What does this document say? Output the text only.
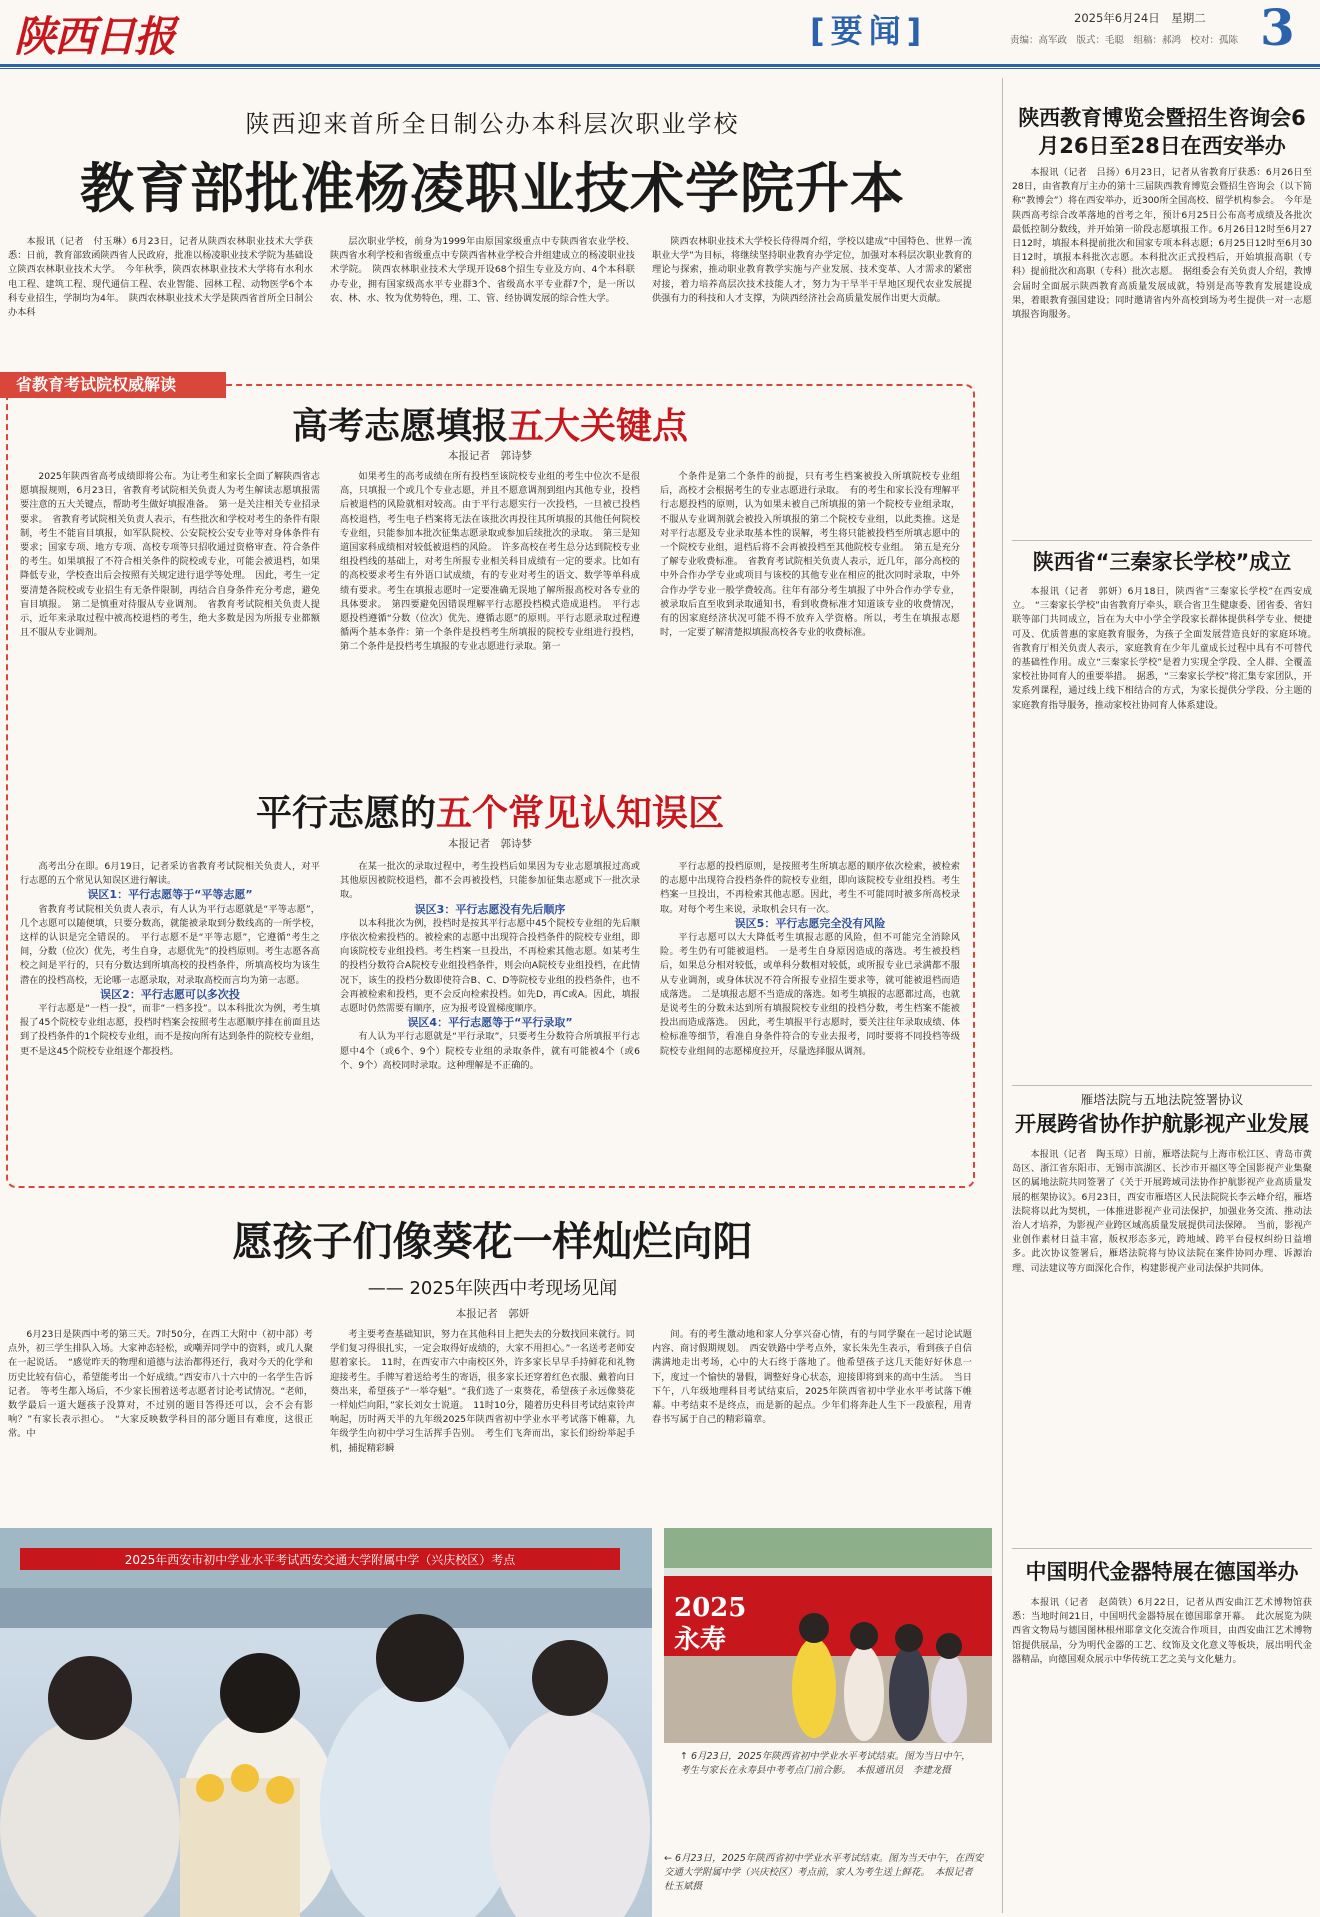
陕西日报	[要闻]	2025年6月24日　星期二
责编：高军政　版式：毛聪　组稿：郝鸿　校对：孤陈 3
陕西迎来首所全日制公办本科层次职业学校
教育部批准杨凌职业技术学院升本

本报讯（记者　付玉琳）6月23日，记者从陕西农林职业技术大学获悉：日前，教育部致函陕西省人民政府，批准以杨凌职业技术学院为基础设立陕西农林职业技术大学。　今年秋季，陕西农林职业技术大学将有水利水电工程、建筑工程、现代通信工程、农业智能、园林工程、动物医学6个本科专业招生，学制均为4年。　陕西农林职业技术大学是陕西省首所全日制公办本科

层次职业学校，前身为1999年由原国家级重点中专陕西省农业学校、陕西省水利学校和省级重点中专陕西省林业学校合并组建成立的杨凌职业技术学院。　陕西农林职业技术大学现开设68个招生专业及方向、4个本科联办专业，拥有国家级高水平专业群3个、省级高水平专业群7个，是一所以农、林、水、牧为优势特色，理、工、管、经协调发展的综合性大学。

陕西农林职业技术大学校长侍得周介绍，学校以建成“中国特色、世界一流职业大学”为目标，将继续坚持职业教育办学定位，加强对本科层次职业教育的理论与探索，推动职业教育教学实施与产业发展、技术变革、人才需求的紧密对接，着力培养高层次技术技能人才，努力为干旱半干旱地区现代农业发展提供强有力的科技和人才支撑，为陕西经济社会高质量发展作出更大贡献。

省教育考试院权威解读
高考志愿填报五大关键点
本报记者　郭诗梦

2025年陕西省高考成绩即将公布。为让考生和家长全面了解陕西省志愿填报规则，6月23日，省教育考试院相关负责人为考生解读志愿填报需要注意的五大关键点，帮助考生做好填报准备。　第一是关注相关专业招录要求。　省教育考试院相关负责人表示，有些批次和学校对考生的条件有限制，考生不能盲目填报，如军队院校、公安院校公安专业等对身体条件有要求；国家专项、地方专项、高校专项等只招收通过资格审查、符合条件的考生。如果填报了不符合相关条件的院校或专业，可能会被退档，如果降低专业，学校查出后会按照有关规定进行退学等处理。　因此，考生一定要清楚各院校或专业招生有无条件限制，再结合自身条件充分考虑，避免盲目填报。　第二是慎重对待服从专业调剂。　省教育考试院相关负责人提示，近年来录取过程中被高校退档的考生，绝大多数是因为所报专业都额且不服从专业调剂。

如果考生的高考成绩在所有投档至该院校专业组的考生中位次不是很高，只填报一个或几个专业志愿，并且不愿意调剂到组内其他专业，投档后被退档的风险就相对较高。由于平行志愿实行一次投档，一旦被已投档高校退档，考生电子档案将无法在该批次再投往其所填报的其他任何院校专业组，只能参加本批次征集志愿录取或参加后续批次的录取。　第三是知道国家科成绩相对较低被退档的风险。　许多高校在考生总分达到院校专业组投档线的基础上，对考生所报专业相关科目成绩有一定的要求。比如有的高校要求考生有外语口试成绩，有的专业对考生的语文、数学等单科成绩有要求。考生在填报志愿时一定要准确无误地了解所报高校对各专业的具体要求。　第四要避免因错误理解平行志愿投档模式造成退档。　平行志愿投档遵循“分数（位次）优先、遵循志愿”的原则。平行志愿录取过程遵循两个基本条件：第一个条件是投档考生所填报的院校专业组进行投档，第二个条件是投档考生填报的专业志愿进行录取。第一

个条件是第二个条件的前提，只有考生档案被投入所填院校专业组后，高校才会根据考生的专业志愿进行录取。　有的考生和家长没有理解平行志愿投档的原则，认为如果未被自己所填报的第一个院校专业组录取，不服从专业调剂就会被投入所填报的第二个院校专业组，以此类推。这是对平行志愿及专业录取基本性的误解，考生将只能被投档至所填志愿中的一个院校专业组，退档后将不会再被投档至其他院校专业组。　第五是充分了解专业收费标准。　省教育考试院相关负责人表示，近几年，部分高校的中外合作办学专业或项目与该校的其他专业在相应的批次同时录取，中外合作办学专业一般学费较高。往年有部分考生填报了中外合作办学专业，被录取后直至收到录取通知书，看到收费标准才知道该专业的收费情况，有的因家庭经济状况可能不得不放弃入学资格。所以，考生在填报志愿时，一定要了解清楚拟填报高校各专业的收费标准。

平行志愿的五个常见认知误区
本报记者　郭诗梦

高考出分在即。6月19日，记者采访省教育考试院相关负责人，对平行志愿的五个常见认知误区进行解读。

误区1：平行志愿等于“平等志愿”

省教育考试院相关负责人表示，有人认为平行志愿就是“平等志愿”，几个志愿可以随便填，只要分数高，就能被录取到分数线高的一所学校，这样的认识是完全错误的。　平行志愿不是“平等志愿”，它遵循“考生之间，分数（位次）优先，考生自身，志愿优先”的投档原则。考生志愿各高校之间是平行的，只有分数达到所填高校的投档条件，所填高校均为该生潜在的投档高校，无论哪一志愿录取，对录取高校而言均为第一志愿。

误区2：平行志愿可以多次投

平行志愿是“一档一投”，而非“一档多投”。以本科批次为例，考生填报了45个院校专业组志愿，投档时档案会按照考生志愿顺序排在前面且达到了投档条件的1个院校专业组，而不是按向所有达到条件的院校专业组，更不是这45个院校专业组逐个都投档。

在某一批次的录取过程中，考生投档后如果因为专业志愿填报过高或其他原因被院校退档，都不会再被投档，只能参加征集志愿或下一批次录取。

误区3：平行志愿没有先后顺序

以本科批次为例，投档时是按其平行志愿中45个院校专业组的先后顺序依次检索投档的。被检索的志愿中出现符合投档条件的院校专业组，即向该院校专业组投档。考生档案一旦投出，不再检索其他志愿。如某考生的投档分数符合A院校专业组投档条件，则会向A院校专业组投档，在此情况下，该生的投档分数即使符合B、C、D等院校专业组的投档条件，也不会再被检索和投档，更不会反向检索投档。如先D，再C或A。因此，填报志愿时仍然需要有顺序，应为报考设置梯度顺序。

误区4：平行志愿等于“平行录取”

有人认为平行志愿就是“平行录取”，只要考生分数符合所填报平行志愿中4个（或6个、9个）院校专业组的录取条件，就有可能被4个（或6个、9个）高校同时录取。这种理解是不正确的。

平行志愿的投档原则，是按照考生所填志愿的顺序依次检索，被检索的志愿中出现符合投档条件的院校专业组，即向该院校专业组投档。考生档案一旦投出，不再检索其他志愿。因此，考生不可能同时被多所高校录取。对每个考生来说，录取机会只有一次。

误区5：平行志愿完全没有风险

平行志愿可以大大降低考生填报志愿的风险，但不可能完全消除风险。考生仍有可能被退档。　一是考生自身原因造成的落选。考生被投档后，如果总分相对较低，或单科分数相对较低，或所报专业已录满都不服从专业调剂，或身体状况不符合所报专业招生要求等，就可能被退档而造成落选。　二是填报志愿不当造成的落选。如考生填报的志愿都过高，也就是说考生的分数未达到所有填报院校专业组的投档分数，考生档案不能被投出而造成落选。　因此，考生填报平行志愿时，要关注往年录取成绩、体检标准等细节，看准自身条件符合的专业去报考，同时要将不同投档等级院校专业组间的志愿梯度拉开，尽量选择服从调剂。

愿孩子们像葵花一样灿烂向阳
—— 2025年陕西中考现场见闻
本报记者　郭妍

6月23日是陕西中考的第三天。7时50分，在西工大附中（初中部）考点外，初三学生排队入场。大家神态轻松，或嘲弄同学中的资料，或几人聚在一起说话。　“感觉昨天的物理和道德与法治都得还行，我对今天的化学和历史比较有信心，希望能考出一个好成绩。”西安市八十六中的一名学生告诉记者。　等考生都入场后，不少家长围着送考志愿者讨论考试情况。“老师，数学最后一道大题孩子没算对，不过别的题目答得还可以，会不会有影响？”有家长表示担心。　“大家反映数学科目的部分题目有难度，这很正常。中

考主要考查基础知识，努力在其他科目上把失去的分数找回来就行。同学们复习得很扎实，一定会取得好成绩的，大家不用担心。”一名送考老师安慰着家长。　11时，在西安市六中南校区外，许多家长早早手持鲜花和礼物迎接考生。手牌写着送给考生的寄语，很多家长还穿着红色衣服、戴着向日葵出来，希望孩子“一举夺魁”。“我们选了一束葵花，希望孩子永远像葵花一样灿烂向阳，”家长刘女士说道。　11时10分，随着历史科目考试结束铃声响起，历时两天半的九年级2025年陕西省初中学业水平考试落下帷幕，九年级学生向初中学习生活挥手告别。　考生们飞奔而出，家长们纷纷举起手机，捕捉精彩瞬

间。有的考生激动地和家人分享兴奋心情，有的与同学聚在一起讨论试题内容、商讨假期规划。　西安铁路中学考点外，家长朱先生表示，看到孩子自信满满地走出考场，心中的大石终于落地了。他希望孩子这几天能好好休息一下，度过一个愉快的暑假，调整好身心状态，迎接即将到来的高中生活。　当日下午，八年级地理科目考试结束后，2025年陕西省初中学业水平考试落下帷幕。中考结束不是终点，而是新的起点。少年们将奔赴人生下一段旅程，用青春书写属于自己的精彩篇章。

2025年西安市初中学业水平考试西安交通大学附属中学（兴庆校区）考点
2025
永寿
↑ 6月23日，2025年陕西省初中学业水平考试结束。图为当日中午，考生与家长在永寿县中考考点门前合影。　本报通讯员　李建龙摄
← 6月23日，2025年陕西省初中学业水平考试结束。图为当天中午，在西安交通大学附属中学（兴庆校区）考点前，家人为考生送上鲜花。　本报记者　杜玉斌摄
陕西教育博览会暨招生咨询会6月26日至28日在西安举办

本报讯（记者　吕扬）6月23日，记者从省教育厅获悉：6月26日至28日，由省教育厅主办的第十三届陕西教育博览会暨招生咨询会（以下简称“教博会”）将在西安举办，近300所全国高校、留学机构参会。　今年是陕西高考综合改革落地的首考之年，预计6月25日公布高考成绩及各批次最低控制分数线，并开始第一阶段志愿填报工作。6月26日12时至6月27日12时，填报本科提前批次和国家专项本科志愿；6月25日12时至6月30日12时，填报本科批次志愿。本科批次正式投档后，开始填报高职（专科）提前批次和高职（专科）批次志愿。　据组委会有关负责人介绍，教博会届时全面展示陕西教育高质量发展成就，特别是高等教育发展建设成果，着眼教育强国建设；同时邀请省内外高校到场为考生提供一对一志愿填报咨询服务。

陕西省“三秦家长学校”成立

本报讯（记者　郭妍）6月18日，陕西省“三秦家长学校”在西安成立。　“三秦家长学校”由省教育厅牵头，联合省卫生健康委、团省委、省妇联等部门共同成立，旨在为大中小学全学段家长群体提供科学专业、便捷可及、优质普惠的家庭教育服务，为孩子全面发展营造良好的家庭环境。　省教育厅相关负责人表示，家庭教育在少年儿童成长过程中具有不可替代的基础性作用。成立“三秦家长学校”是着力实现全学段、全人群、全覆盖家校社协同育人的重要举措。　据悉，“三秦家长学校”将汇集专家团队，开发系列课程，通过线上线下相结合的方式，为家长提供分学段、分主题的家庭教育指导服务，推动家校社协同育人体系建设。

雁塔法院与五地法院签署协议
开展跨省协作护航影视产业发展

本报讯（记者　陶玉琼）日前，雁塔法院与上海市松江区、青岛市黄岛区、浙江省东阳市、无锡市滨湖区、长沙市开福区等全国影视产业集聚区的属地法院共同签署了《关于开展跨域司法协作护航影视产业高质量发展的框架协议》。6月23日，西安市雁塔区人民法院院长李云峰介绍，雁塔法院将以此为契机，一体推进影视产业司法保护，加强业务交流、推动法治人才培养，为影视产业跨区域高质量发展提供司法保障。　当前，影视产业创作素材日益丰富，版权形态多元，跨地域、跨平台侵权纠纷日益增多。此次协议签署后，雁塔法院将与协议法院在案件协同办理、诉源治理、司法建议等方面深化合作，构建影视产业司法保护共同体。

中国明代金器特展在德国举办

本报讯（记者　赵茵铁）6月22日，记者从西安曲江艺术博物馆获悉：当地时间21日，中国明代金器特展在德国耶拿开幕。　此次展览为陕西省文物局与德国图林根州耶拿文化交流合作项目，由西安曲江艺术博物馆提供展品，分为明代金器的工艺、纹饰及文化意义等板块，展出明代金器精品，向德国观众展示中华传统工艺之美与文化魅力。
